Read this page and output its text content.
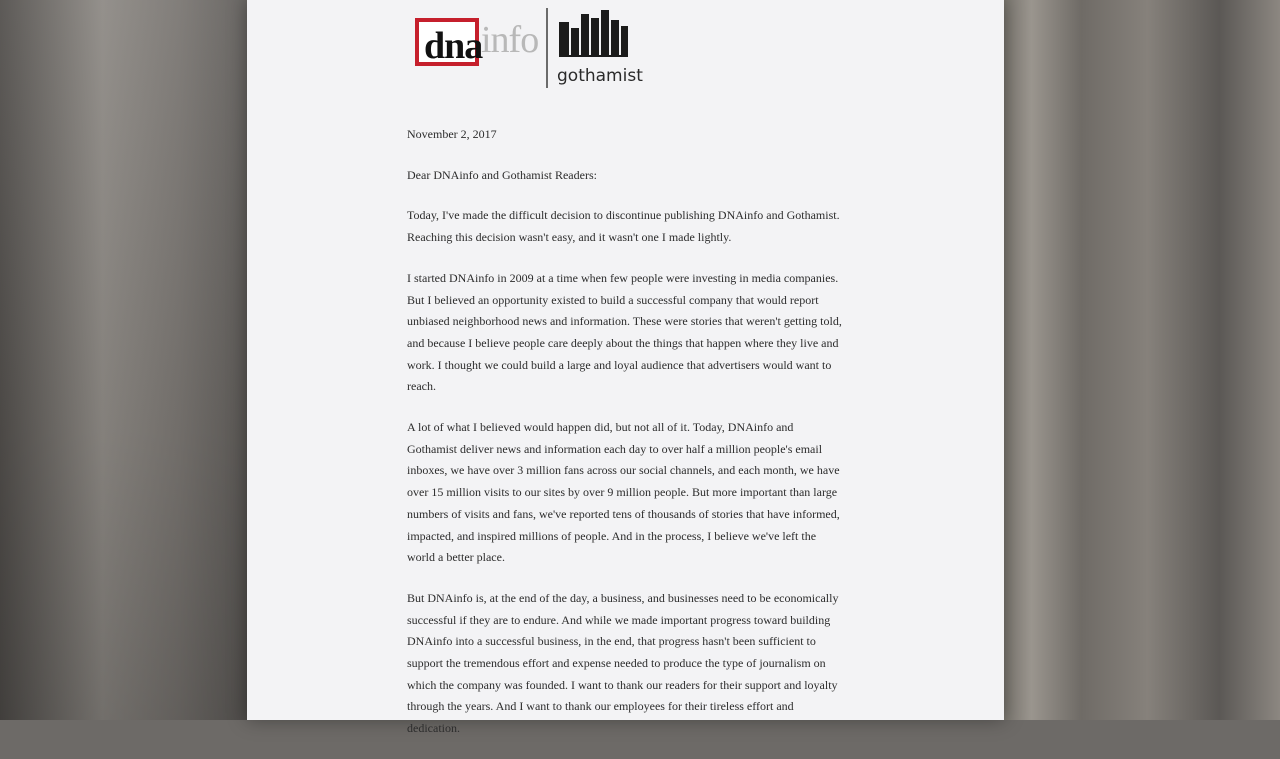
dna
info
gothamist

November 2, 2017

Dear DNAinfo and Gothamist Readers:

Today, I've made the difficult decision to discontinue publishing DNAinfo and Gothamist. Reaching this decision wasn't easy, and it wasn't one I made lightly.

I started DNAinfo in 2009 at a time when few people were investing in media companies. But I believed an opportunity existed to build a successful company that would report unbiased neighborhood news and information. These were stories that weren't getting told, and because I believe people care deeply about the things that happen where they live and work. I thought we could build a large and loyal audience that advertisers would want to reach.

A lot of what I believed would happen did, but not all of it. Today, DNAinfo and Gothamist deliver news and information each day to over half a million people's email inboxes, we have over 3 million fans across our social channels, and each month, we have over 15 million visits to our sites by over 9 million people. But more important than large numbers of visits and fans, we've reported tens of thousands of stories that have informed, impacted, and inspired millions of people. And in the process, I believe we've left the world a better place.

But DNAinfo is, at the end of the day, a business, and businesses need to be economically successful if they are to endure. And while we made important progress toward building DNAinfo into a successful business, in the end, that progress hasn't been sufficient to support the tremendous effort and expense needed to produce the type of journalism on which the company was founded. I want to thank our readers for their support and loyalty through the years. And I want to thank our employees for their tireless effort and dedication.
